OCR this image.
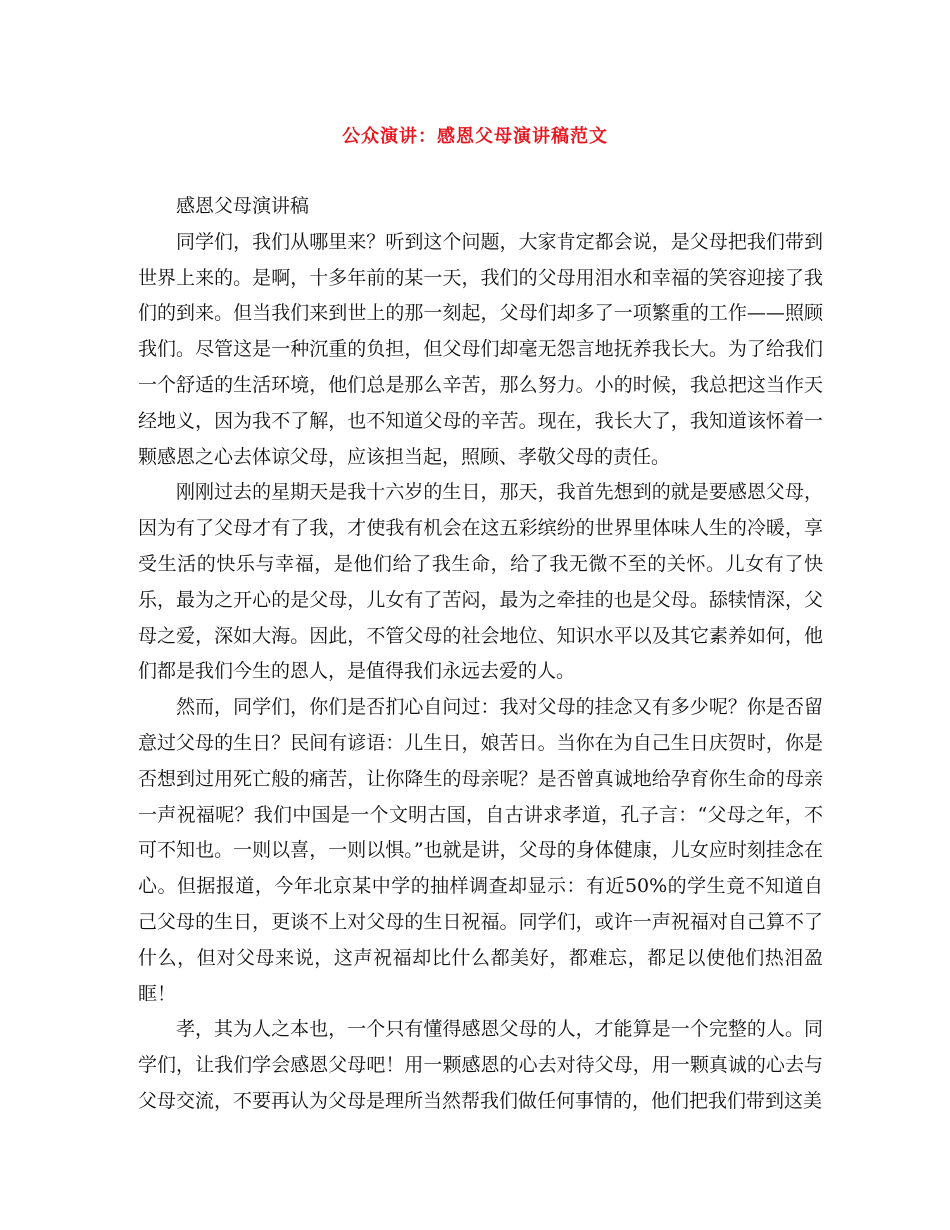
公众演讲：感恩父母演讲稿范文

感恩父母演讲稿

同学们，我们从哪里来？听到这个问题，大家肯定都会说，是父母把我们带到世界上来的。是啊，十多年前的某一天，我们的父母用泪水和幸福的笑容迎接了我们的到来。但当我们来到世上的那一刻起，父母们却多了一项繁重的工作——照顾我们。尽管这是一种沉重的负担，但父母们却毫无怨言地抚养我长大。为了给我们一个舒适的生活环境，他们总是那么辛苦，那么努力。小的时候，我总把这当作天经地义，因为我不了解，也不知道父母的辛苦。现在，我长大了，我知道该怀着一颗感恩之心去体谅父母，应该担当起，照顾、孝敬父母的责任。

刚刚过去的星期天是我十六岁的生日，那天，我首先想到的就是要感恩父母，因为有了父母才有了我，才使我有机会在这五彩缤纷的世界里体味人生的冷暖，享受生活的快乐与幸福，是他们给了我生命，给了我无微不至的关怀。儿女有了快乐，最为之开心的是父母，儿女有了苦闷，最为之牵挂的也是父母。舔犊情深，父母之爱，深如大海。因此，不管父母的社会地位、知识水平以及其它素养如何，他们都是我们今生的恩人，是值得我们永远去爱的人。

然而，同学们，你们是否扪心自问过：我对父母的挂念又有多少呢？你是否留意过父母的生日？民间有谚语：儿生日，娘苦日。当你在为自己生日庆贺时，你是否想到过用死亡般的痛苦，让你降生的母亲呢？是否曾真诚地给孕育你生命的母亲一声祝福呢？我们中国是一个文明古国，自古讲求孝道，孔子言：“父母之年，不可不知也。一则以喜，一则以惧。”也就是讲，父母的身体健康，儿女应时刻挂念在心。但据报道，今年北京某中学的抽样调查却显示：有近50%的学生竟不知道自己父母的生日，更谈不上对父母的生日祝福。同学们，或许一声祝福对自己算不了什么，但对父母来说，这声祝福却比什么都美好，都难忘，都足以使他们热泪盈眶！

孝，其为人之本也，一个只有懂得感恩父母的人，才能算是一个完整的人。同学们，让我们学会感恩父母吧！用一颗感恩的心去对待父母，用一颗真诚的心去与父母交流，不要再认为父母是理所当然帮我们做任何事情的，他们把我们带到这美
